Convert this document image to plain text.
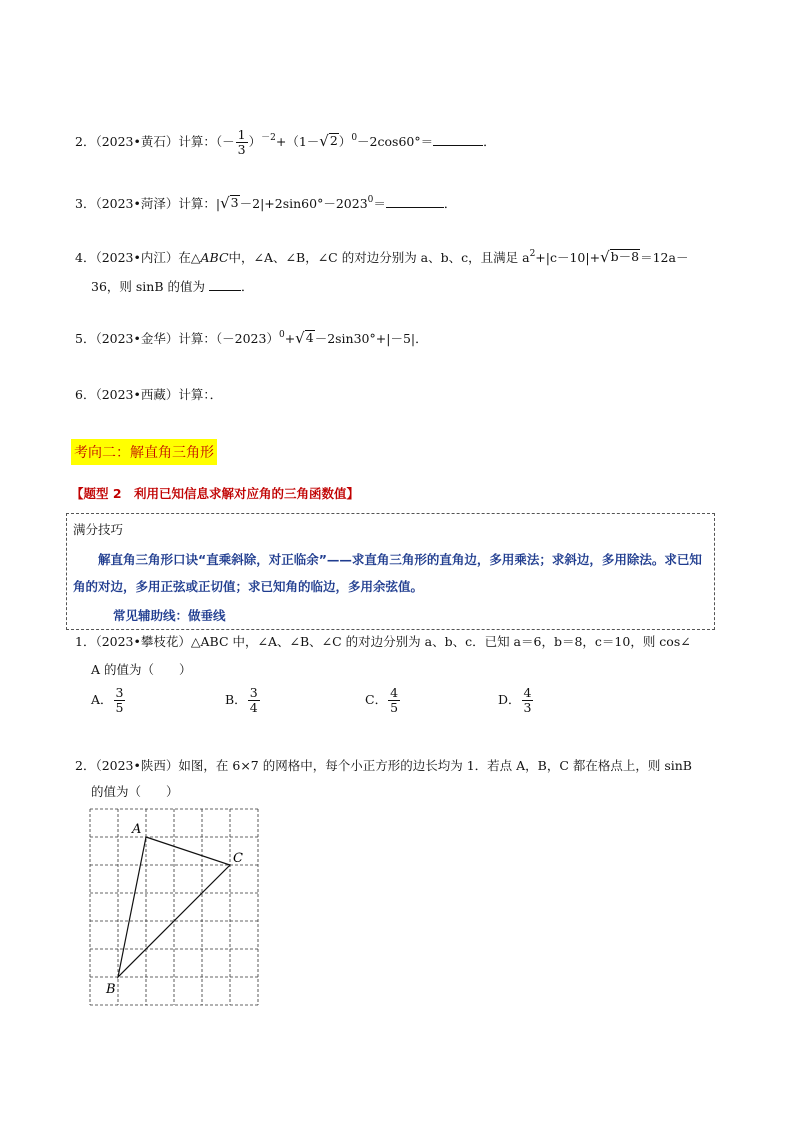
2．（2023•黄石）计算：（－ $\frac{1}{3} )^{-2}+(1-$ √ 2 ）$^0$－2cos60°＝	．
3．（2023•菏泽）计算：| √ $3 -2|+2\sin 60^\circ-2023^0=$	．
4．（2023•内江）在△ABC中，∠A、∠B，∠C 的对边分别为 a、b、c，且满足 $a^2+|c-10|+$ √ b－8 ＝12a－
36，则 sinB 的值为	．
5．（2023•金华）计算：$(-2023)^0+$ √ 4 －2sin30°+|－5|．
6．（2023•西藏）计算：．
考向二：解直角三角形
【题型 2　利用已知信息求解对应角的三角函数值】
满分技巧
解直角三角形口诀“直乘斜除，对正临余”——求直角三角形的直角边，多用乘法；求斜边，多用除法。求已知角的对边，多用正弦或正切值；求已知角的临边，多用余弦值。
常见辅助线：做垂线
1．（2023•攀枝花）△ABC 中，∠A、∠B、∠C 的对边分别为 a、b、c．已知 a＝6，b＝8，c＝10，则 cos∠
A 的值为（　　）
A． $\frac{3}{5}$	B． $\frac{3}{4}$	C． $\frac{4}{5}$	D． $\frac{4}{3}$
2．（2023•陕西）如图，在 6×7 的网格中，每个小正方形的边长均为 1．若点 A，B，C 都在格点上，则 sinB
的值为（　　）
A
C
B
